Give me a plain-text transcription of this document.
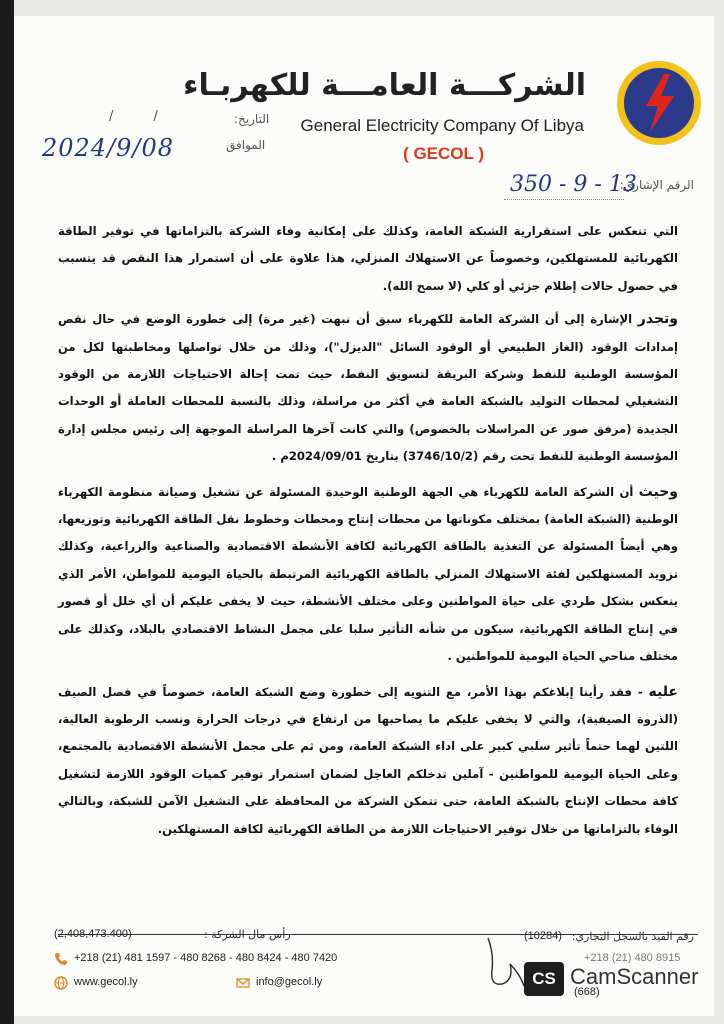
الشركـــة العامـــة للكهربـاء
General Electricity Company Of Libya
( GECOL )
التاريخ:
/ /
الموافق
2024/9/08
الرقم الإشاري:
350 - 9 - 13

التي تنعكس على استقرارية الشبكة العامة، وكذلك على إمكانية وفاء الشركة بالتزاماتها في توفير الطاقة الكهربائية للمستهلكين، وخصوصاً عن الاستهلاك المنزلي، هذا علاوة على أن استمرار هذا النقص قد يتسبب في حصول حالات إظلام جزئي أو كلي (لا سمح الله).

وتجدر الإشارة إلى أن الشركة العامة للكهرباء سبق أن نبهت (غير مرة) إلى خطورة الوضع في حال نقص إمدادات الوقود (الغاز الطبيعي أو الوقود السائل "الديزل")، وذلك من خلال تواصلها ومخاطبتها لكل من المؤسسة الوطنية للنفط وشركة البريقة لتسويق النفط، حيث تمت إحالة الاحتياجات اللازمة من الوقود التشغيلي لمحطات التوليد بالشبكة العامة في أكثر من مراسلة، وذلك بالنسبة للمحطات العاملة أو الوحدات الجديدة (مرفق صور عن المراسلات بالخصوص) والتي كانت آخرها المراسلة الموجهة إلى رئيس مجلس إدارة المؤسسة الوطنية للنفط تحت رقم (3746/10/2) بتاريخ 2024/09/01م .

وحيث أن الشركة العامة للكهرباء هي الجهة الوطنية الوحيدة المسئولة عن تشغيل وصيانة منظومة الكهرباء الوطنية (الشبكة العامة) بمختلف مكوناتها من محطات إنتاج ومحطات وخطوط نقل الطاقة الكهربائية وتوزيعها، وهي أيضاً المسئولة عن التغذية بالطاقة الكهربائية لكافة الأنشطة الاقتصادية والصناعية والزراعية، وكذلك تزويد المستهلكين لفئة الاستهلاك المنزلي بالطاقة الكهربائية المرتبطة بالحياة اليومية للمواطن، الأمر الذي ينعكس بشكل طردي على حياة المواطنين وعلى مختلف الأنشطة، حيث لا يخفى عليكم أن أي خلل أو قصور في إنتاج الطاقة الكهربائية، سيكون من شأنه التأثير سلبا على مجمل النشاط الاقتصادي بالبلاد، وكذلك على مختلف مناحي الحياة اليومية للمواطنين .

عليه - فقد رأينا إبلاغكم بهذا الأمر، مع التنويه إلى خطورة وضع الشبكة العامة، خصوصاً في فصل الصيف (الذروة الصيفية)، والتي لا يخفى عليكم ما يصاحبها من ارتفاع في درجات الحرارة ونسب الرطوبة العالية، اللتين لهما حتماً تأثير سلبي كبير على اداء الشبكة العامة، ومن ثم على مجمل الأنشطة الاقتصادية بالمجتمع، وعلى الحياة اليومية للمواطنين - آملين تدخلكم العاجل لضمان استمرار توفير كميات الوقود اللازمة لتشغيل كافة محطات الإنتاج بالشبكة العامة، حتى تتمكن الشركة من المحافظة على التشغيل الآمن للشبكة، وبالتالي الوفاء بالتزاماتها من خلال توفير الاحتياجات اللازمة من الطاقة الكهربائية لكافة المستهلكين.

رأس مال الشركة :
(2,408,473.400)	رقم القيد بالسجل التجاري:
(10284)
+218 (21) 481 1597 - 480 8268 - 480 8424 - 480 7420	+218 (21) 480 8915
www.gecol.ly	info@gecol.ly
(668)
CS CamScanner
